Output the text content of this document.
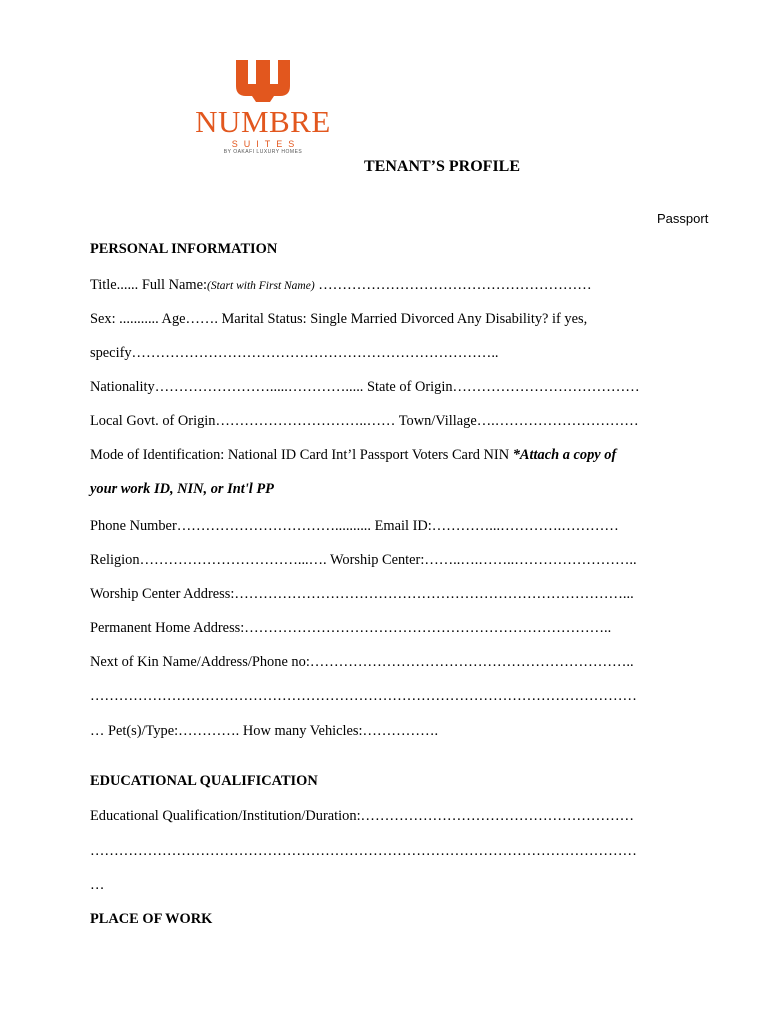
NUMBRE
SUITES
BY OAKAFI LUXURY HOMES
TENANT’S PROFILE
Passport
PERSONAL INFORMATION
Title...... Full Name:(Start with First Name) …………………………………………………
Sex: ........... Age……. Marital Status: Single Married Divorced Any Disability? if yes,
specify…………………………………………………………………..
Nationality…………………….....…………..... State of Origin…………………………………
Local Govt. of Origin…………………………..…… Town/Village….…………………………
Mode of Identification: National ID Card Int’l Passport Voters Card NIN *Attach a copy of
your work ID, NIN, or Int'l PP
Phone Number…………………………….......... Email ID:…………...………….…………
Religion……………………………...…. Worship Center:……..….……..……………………..
Worship Center Address:………………………………………………………………………...
Permanent Home Address:…………………………………………………………………..
Next of Kin Name/Address/Phone no:…………………………………………………………..
……………………………………………………………………………………………………
… Pet(s)/Type:…………. How many Vehicles:…………….
EDUCATIONAL QUALIFICATION
Educational Qualification/Institution/Duration:…………………………………………………
……………………………………………………………………………………………………
…
PLACE OF WORK
